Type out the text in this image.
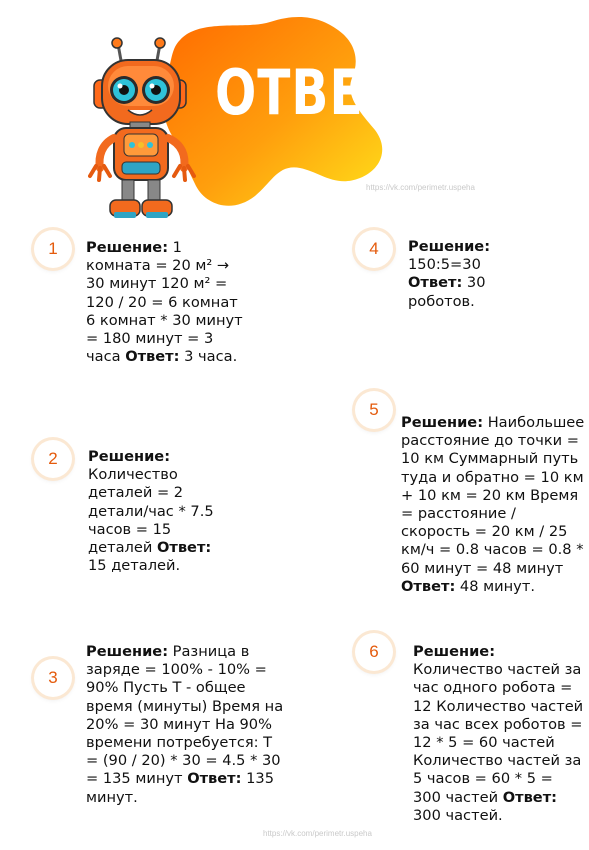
ОТВЕТЫ
https://vk.com/perimetr.uspeha
1
2
3
4
5
6
Решение: 1 комната = 20 м² → 30 минут 120 м² = 120 / 20 = 6 комнат 6 комнат * 30 минут = 180 минут = 3 часа Ответ: 3 часа.
Решение: Количество деталей = 2 детали/час * 7.5 часов = 15 деталей Ответ: 15 деталей.
Решение: Разница в заряде = 100% - 10% = 90% Пусть T - общее время (минуты) Время на 20% = 30 минут На 90% времени потребуется: T = (90 / 20) * 30 = 4.5 * 30 = 135 минут Ответ: 135 минут.
Решение: 150:5=30 Ответ: 30 роботов.
Решение: Наибольшее расстояние до точки = 10 км Суммарный путь туда и обратно = 10 км + 10 км = 20 км Время = расстояние / скорость = 20 км / 25 км/ч = 0.8 часов = 0.8 * 60 минут = 48 минут Ответ: 48 минут.
Решение: Количество частей за час одного робота = 12 Количество частей за час всех роботов = 12 * 5 = 60 частей Количество частей за 5 часов = 60 * 5 = 300 частей Ответ: 300 частей.
https://vk.com/perimetr.uspeha
